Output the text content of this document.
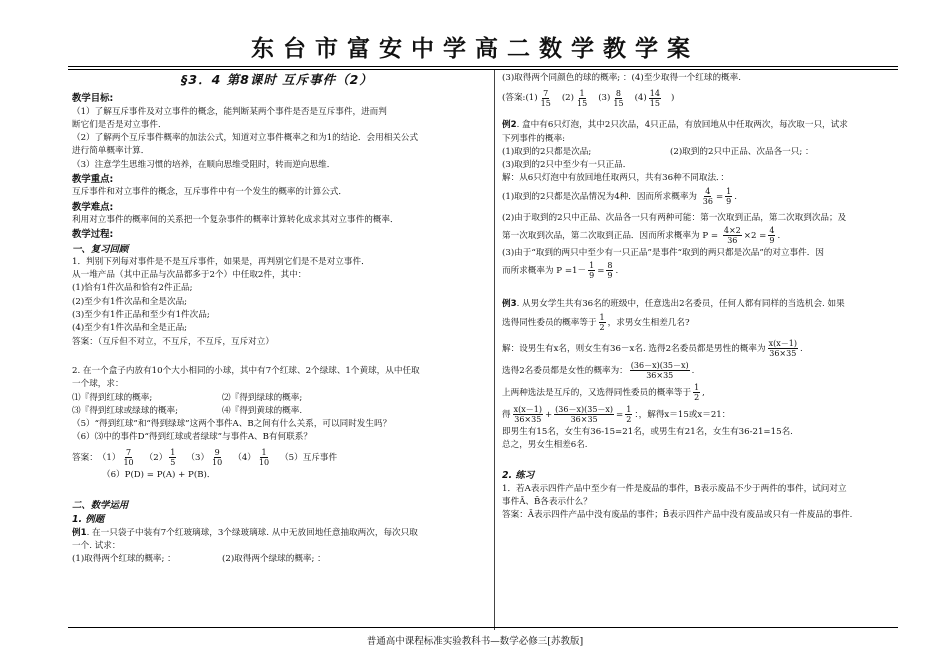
东台市富安中学高二数学教学案
§3．4 第8课时 互斥事件（2）
教学目标:
（1）了解互斥事件及对立事件的概念，能判断某两个事件是否是互斥事件，进而判
断它们是否是对立事件．
（2）了解两个互斥事件概率的加法公式，知道对立事件概率之和为1的结论．会用相关公式
进行简单概率计算．
（3）注意学生思维习惯的培养，在顺向思维受阻时，转而逆向思维．
教学重点:
互斥事件和对立事件的概念，互斥事件中有一个发生的概率的计算公式．
教学难点:
利用对立事件的概率间的关系把一个复杂事件的概率计算转化成求其对立事件的概率．
教学过程:
一、复习回顾
1．判别下列每对事件是不是互斥事件，如果是，再判别它们是不是对立事件．
从一堆产品（其中正品与次品都多于2个）中任取2件，其中：
(1)恰有1件次品和恰有2件正品;
(2)至少有1件次品和全是次品;
(3)至少有1件正品和至少有1件次品;
(4)至少有1件次品和全是正品;
答案：（互斥但不对立，不互斥，不互斥，互斥对立）
2. 在一个盒子内放有10个大小相同的小球，其中有7个红球、2个绿球、1个黄球，从中任取
一个球，求：
⑴『得到红球的概率;	⑵『得到绿球的概率;
⑶『得到红球或绿球的概率;	⑷『得到黄球的概率.
（5）“得到红球”和“得到绿球”这两个事件A、B之间有什么关系，可以同时发生吗？
（6）⑶中的事件D“得到红球或者绿球”与事件A、B有何联系？
答案： $(1) \frac{7}{10} (2) \frac{1}{5} (3) \frac{9}{10} (4) \frac{1}{10} (5)$互斥事件
（6）P(D) = P(A) + P(B)．
二、数学运用
1. 例题
例1. 在一只袋子中装有7个红玻璃球，3个绿玻璃球. 从中无放回地任意抽取两次，每次只取
一个. 试求：
(1)取得两个红球的概率; ：	(2)取得两个绿球的概率; ：
(3)取得两个同颜色的球的概率; ：(4)至少取得一个红球的概率.
(答案: $(1) \frac{7}{15} (2) \frac{1}{15} (3) \frac{8}{15} (4) \frac{14}{15}$ )
例2. 盒中有6只灯泡，其中2只次品，4只正品，有放回地从中任取两次，每次取一只，试求
下列事件的概率:
(1)取到的2只都是次品;	(2)取到的2只中正品、次品各一只; ：
(3)取到的2只中至少有一只正品．
解：从6只灯泡中有放回地任取两只，共有36种不同取法．：
(1)取到的2只都是次品情况为4种．因而所求概率为 $\frac{4}{36} = \frac{1}{9}$ .
(2)由于取到的2只中正品、次品各一只有两种可能：第一次取到正品，第二次取到次品；及
第一次取到次品，第二次取到正品．因而所求概率为 $P = \frac{4\times 2}{36} \times 2 = \frac{4}{9}$ .
(3)由于“取到的两只中至少有一只正品”是事件“取到的两只都是次品”的对立事件．因
而所求概率为 $P =1- \frac{1}{9} = \frac{8}{9}$ .
例3. 从男女学生共有36名的班级中，任意选出2名委员，任何人都有同样的当选机会. 如果
选得同性委员的概率等于 $\frac{1}{2}$ ，求男女生相差几名?
解：设男生有x名，则女生有36－x名. 选得2名委员都是男性的概率为 $\frac{x(x-1)}{36\times 35}$ .
选得2名委员都是女性的概率为： $\frac{(36-x)(35-x)}{36\times 35}$ .
上两种选法是互斥的，又选得同性委员的概率等于 $\frac{1}{2}$ ,
得 $\frac{x(x-1)}{36\times 35} + \frac{(36-x)(35-x)}{36\times 35} = \frac{1}{2}$ ：，解得x＝15或x＝21：
即男生有15名，女生有36-15=21名，或男生有21名，女生有36-21=15名.
总之，男女生相差6名.
2. 练习
1．若A表示四件产品中至少有一件是废品的事件，B表示废品不少于两件的事件，试问对立
事件Ā、B̄各表示什么？
答案：Ā表示四件产品中没有废品的事件；B̄表示四件产品中没有废品或只有一件废品的事件.
普通高中课程标准实验教科书—数学必修三[苏教版]
